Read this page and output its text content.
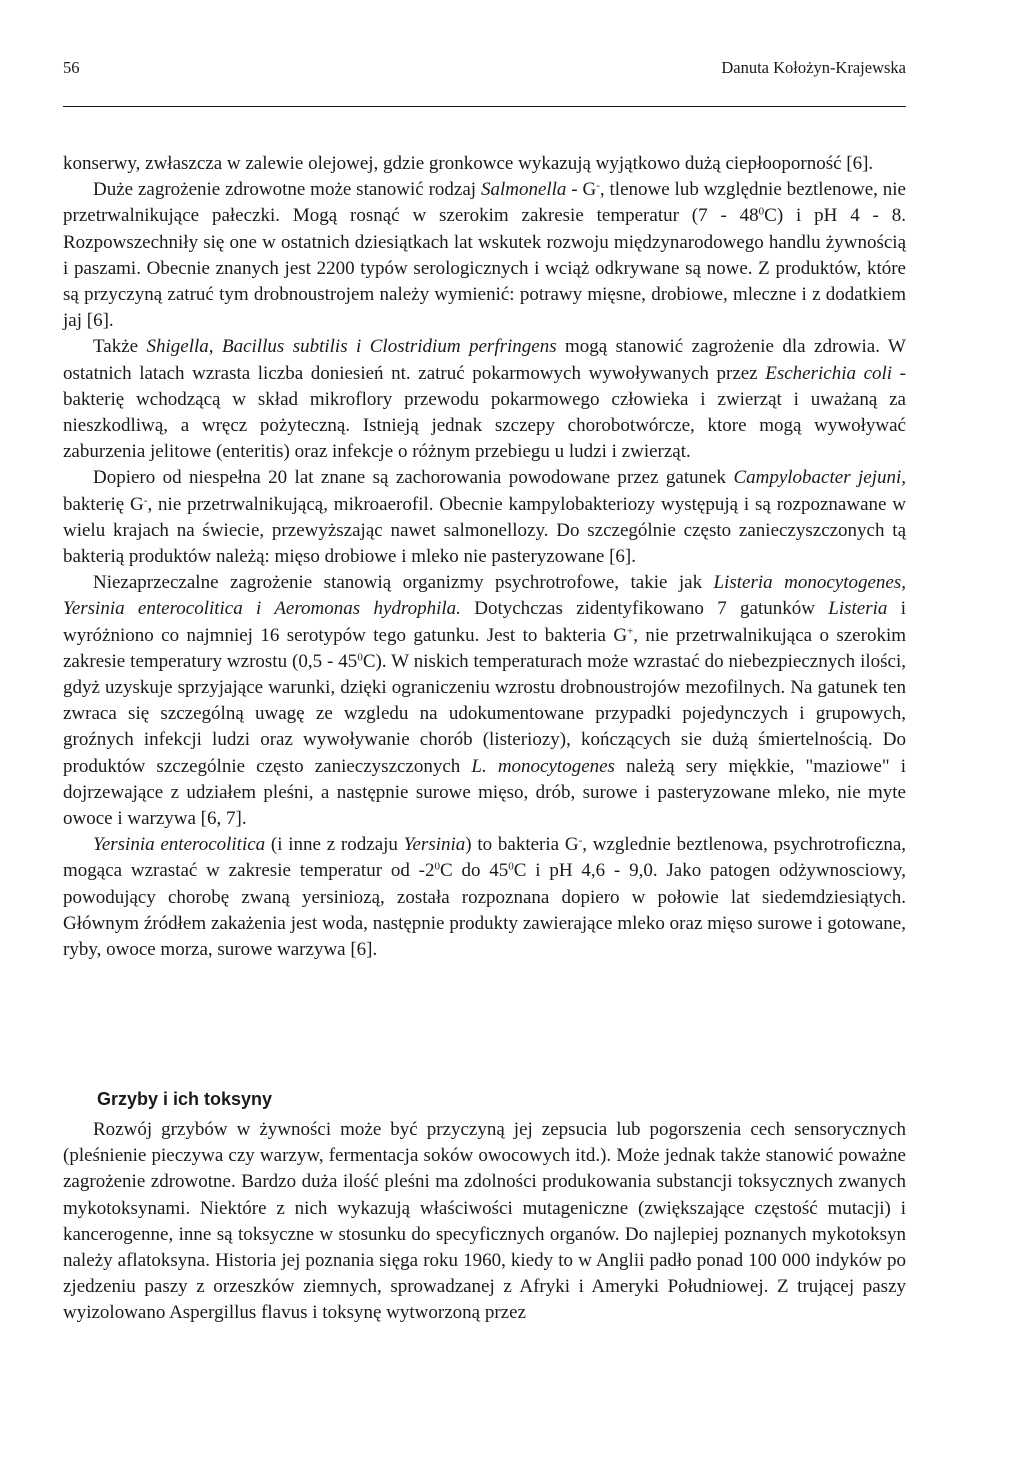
56	Danuta Kołożyn-Krajewska

konserwy, zwłaszcza w zalewie olejowej, gdzie gronkowce wykazują wyjątkowo dużą ciepłooporność [6].

Duże zagrożenie zdrowotne może stanowić rodzaj Salmonella - G-, tlenowe lub względnie beztlenowe, nie przetrwalnikujące pałeczki. Mogą rosnąć w szerokim zakresie temperatur $(7 - 48^0C)$ i pH 4 - 8. Rozpowszechniły się one w ostatnich dziesiątkach lat wskutek rozwoju międzynarodowego handlu żywnością i paszami. Obecnie znanych jest 2200 typów serologicznych i wciąż odkrywane są nowe. Z produktów, które są przyczyną zatruć tym drobnoustrojem należy wymienić: potrawy mięsne, drobiowe, mleczne i z dodatkiem jaj [6].

Także Shigella, Bacillus subtilis i Clostridium perfringens mogą stanowić zagrożenie dla zdrowia. W ostatnich latach wzrasta liczba doniesień nt. zatruć pokarmowych wywoływanych przez Escherichia coli - bakterię wchodzącą w skład mikroflory przewodu pokarmowego człowieka i zwierząt i uważaną za nieszkodliwą, a wręcz pożyteczną. Istnieją jednak szczepy chorobotwórcze, ktore mogą wywoływać zaburzenia jelitowe (enteritis) oraz infekcje o różnym przebiegu u ludzi i zwierząt.

Dopiero od niespełna 20 lat znane są zachorowania powodowane przez gatunek Campylobacter jejuni, bakterię G-, nie przetrwalnikującą, mikroaerofil. Obecnie kampylobakteriozy występują i są rozpoznawane w wielu krajach na świecie, przewyższając nawet salmonellozy. Do szczególnie często zanieczyszczonych tą bakterią produktów należą: mięso drobiowe i mleko nie pasteryzowane [6].

Niezaprzeczalne zagrożenie stanowią organizmy psychrotrofowe, takie jak Listeria monocytogenes, Yersinia enterocolitica i Aeromonas hydrophila. Dotychczas zidentyfikowano 7 gatunków Listeria i wyróżniono co najmniej 16 serotypów tego gatunku. Jest to bakteria G+, nie przetrwalnikująca o szerokim zakresie temperatury wzrostu $(0,5 - 45^0C)$. W niskich temperaturach może wzrastać do niebezpiecznych ilości, gdyż uzyskuje sprzyjające warunki, dzięki ograniczeniu wzrostu drobnoustrojów mezofilnych. Na gatunek ten zwraca się szczególną uwagę ze wzgledu na udokumentowane przypadki pojedynczych i grupowych, groźnych infekcji ludzi oraz wywoływanie chorób (listeriozy), kończących sie dużą śmiertelnością. Do produktów szczególnie często zanieczyszczonych L. monocytogenes należą sery miękkie, "maziowe" i dojrzewające z udziałem pleśni, a następnie surowe mięso, drób, surowe i pasteryzowane mleko, nie myte owoce i warzywa [6, 7].

Yersinia enterocolitica (i inne z rodzaju Yersinia) to bakteria G-, wzglednie beztlenowa, psychrotroficzna, mogąca wzrastać w zakresie temperatur od $-2^0C$ do $45^0C$ i pH 4,6 - 9,0. Jako patogen odżywnosciowy, powodujący chorobę zwaną yersiniozą, została rozpoznana dopiero w połowie lat siedemdziesiątych. Głównym źródłem zakażenia jest woda, następnie produkty zawierające mleko oraz mięso surowe i gotowane, ryby, owoce morza, surowe warzywa [6].

Grzyby i ich toksyny

Rozwój grzybów w żywności może być przyczyną jej zepsucia lub pogorszenia cech sensorycznych (pleśnienie pieczywa czy warzyw, fermentacja soków owocowych itd.). Może jednak także stanowić poważne zagrożenie zdrowotne. Bardzo duża ilość pleśni ma zdolności produkowania substancji toksycznych zwanych mykotoksynami. Niektóre z nich wykazują właściwości mutageniczne (zwiększające częstość mutacji) i kancerogenne, inne są toksyczne w stosunku do specyficznych organów. Do najlepiej poznanych mykotoksyn należy aflatoksyna. Historia jej poznania sięga roku 1960, kiedy to w Anglii padło ponad 100 000 indyków po zjedzeniu paszy z orzeszków ziemnych, sprowadzanej z Afryki i Ameryki Południowej. Z trującej paszy wyizolowano Aspergillus flavus i toksynę wytworzoną przez
